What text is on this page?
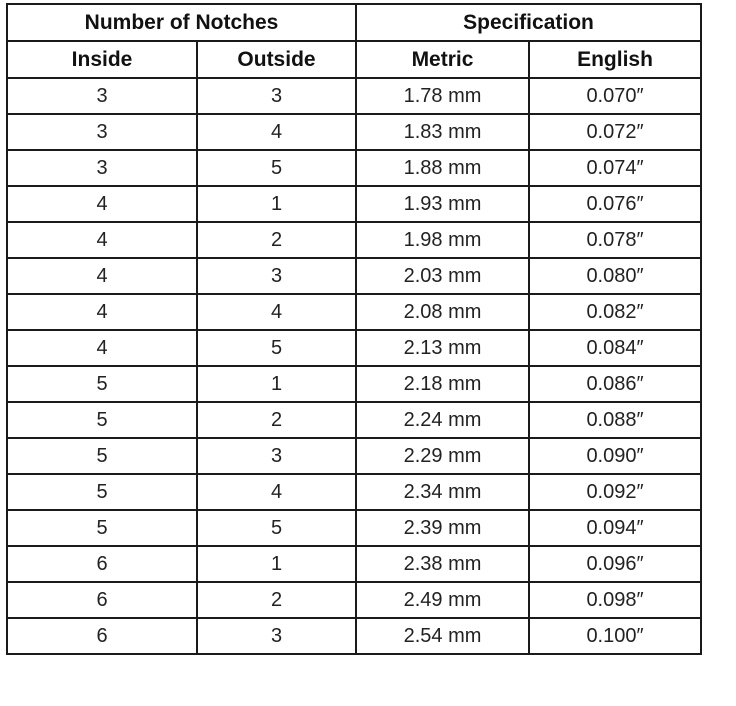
Number of Notches		Specification	
Inside	Outside	Metric	English
3	3	1.78 mm	0.070″
3	4	1.83 mm	0.072″
3	5	1.88 mm	0.074″
4	1	1.93 mm	0.076″
4	2	1.98 mm	0.078″
4	3	2.03 mm	0.080″
4	4	2.08 mm	0.082″
4	5	2.13 mm	0.084″
5	1	2.18 mm	0.086″
5	2	2.24 mm	0.088″
5	3	2.29 mm	0.090″
5	4	2.34 mm	0.092″
5	5	2.39 mm	0.094″
6	1	2.38 mm	0.096″
6	2	2.49 mm	0.098″
6	3	2.54 mm	0.100″
